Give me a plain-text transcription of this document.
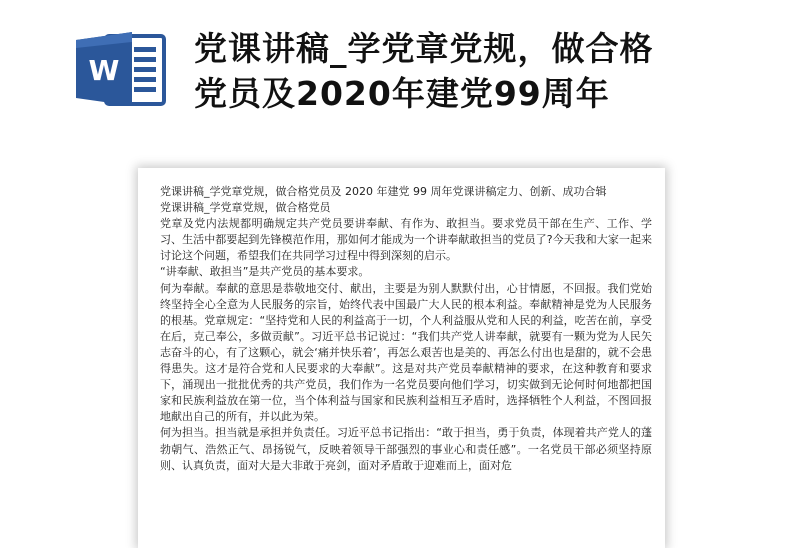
W
党课讲稿_学党章党规，做合格
党员及2020年建党99周年

党课讲稿_学党章党规，做合格党员及 2020 年建党 99 周年党课讲稿定力、创新、成功合辑

党课讲稿_学党章党规，做合格党员

党章及党内法规都明确规定共产党员要讲奉献、有作为、敢担当。要求党员干部在生产、工作、学习、生活中都要起到先锋模范作用，那如何才能成为一个讲奉献敢担当的党员了?今天我和大家一起来讨论这个问题，希望我们在共同学习过程中得到深刻的启示。

“讲奉献、敢担当”是共产党员的基本要求。

何为奉献。奉献的意思是恭敬地交付、献出，主要是为别人默默付出，心甘情愿，不回报。我们党始终坚持全心全意为人民服务的宗旨，始终代表中国最广大人民的根本利益。奉献精神是党为人民服务的根基。党章规定：“坚持党和人民的利益高于一切，个人利益服从党和人民的利益，吃苦在前，享受在后，克己奉公，多做贡献”。习近平总书记说过：“我们共产党人讲奉献，就要有一颗为党为人民矢志奋斗的心，有了这颗心，就会‘痛并快乐着’，再怎么艰苦也是美的、再怎么付出也是甜的，就不会患得患失。这才是符合党和人民要求的大奉献”。这是对共产党员奉献精神的要求，在这种教育和要求下，涌现出一批批优秀的共产党员，我们作为一名党员要向他们学习，切实做到无论何时何地都把国家和民族利益放在第一位，当个体利益与国家和民族利益相互矛盾时，选择牺牲个人利益，不图回报地献出自己的所有，并以此为荣。

何为担当。担当就是承担并负责任。习近平总书记指出：“敢于担当，勇于负责，体现着共产党人的蓬勃朝气、浩然正气、昂扬锐气，反映着领导干部强烈的事业心和责任感”。一名党员干部必须坚持原则、认真负责，面对大是大非敢于亮剑，面对矛盾敢于迎难而上，面对危
